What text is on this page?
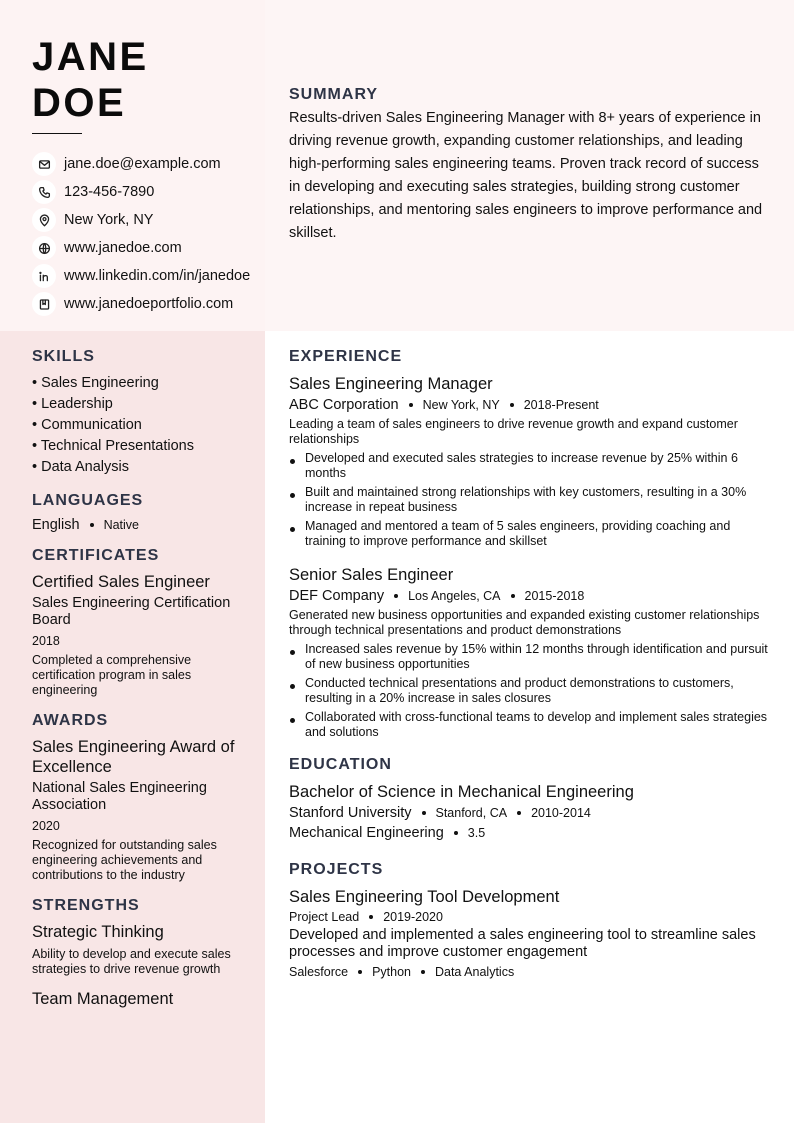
JANE
DOE
jane.doe@example.com
123-456-7890
New York, NY
www.janedoe.com
www.linkedin.com/in/janedoe
www.janedoeportfolio.com
SUMMARY

Results-driven Sales Engineering Manager with 8+ years of experience in driving revenue growth, expanding customer relationships, and leading high-performing sales engineering teams. Proven track record of success in developing and executing sales strategies, building strong customer relationships, and mentoring sales engineers to improve performance and skillset.

SKILLS
• Sales Engineering
• Leadership
• Communication
• Technical Presentations
• Data Analysis
LANGUAGES
English Native
CERTIFICATES
Certified Sales Engineer
Sales Engineering Certification Board
2018
Completed a comprehensive certification program in sales engineering
AWARDS
Sales Engineering Award of Excellence
National Sales Engineering Association
2020
Recognized for outstanding sales engineering achievements and contributions to the industry
STRENGTHS
Strategic Thinking
Ability to develop and execute sales strategies to drive revenue growth
Team Management
EXPERIENCE
Sales Engineering Manager
ABC Corporation New York, NY 2018-Present
Leading a team of sales engineers to drive revenue growth and expand customer relationships
Developed and executed sales strategies to increase revenue by 25% within 6 months
Built and maintained strong relationships with key customers, resulting in a 30% increase in repeat business
Managed and mentored a team of 5 sales engineers, providing coaching and training to improve performance and skillset
Senior Sales Engineer
DEF Company Los Angeles, CA 2015-2018
Generated new business opportunities and expanded existing customer relationships through technical presentations and product demonstrations
Increased sales revenue by 15% within 12 months through identification and pursuit of new business opportunities
Conducted technical presentations and product demonstrations to customers, resulting in a 20% increase in sales closures
Collaborated with cross-functional teams to develop and implement sales strategies and solutions
EDUCATION
Bachelor of Science in Mechanical Engineering
Stanford University Stanford, CA 2010-2014
Mechanical Engineering 3.5
PROJECTS
Sales Engineering Tool Development
Project Lead 2019-2020
Developed and implemented a sales engineering tool to streamline sales processes and improve customer engagement
Salesforce Python Data Analytics
